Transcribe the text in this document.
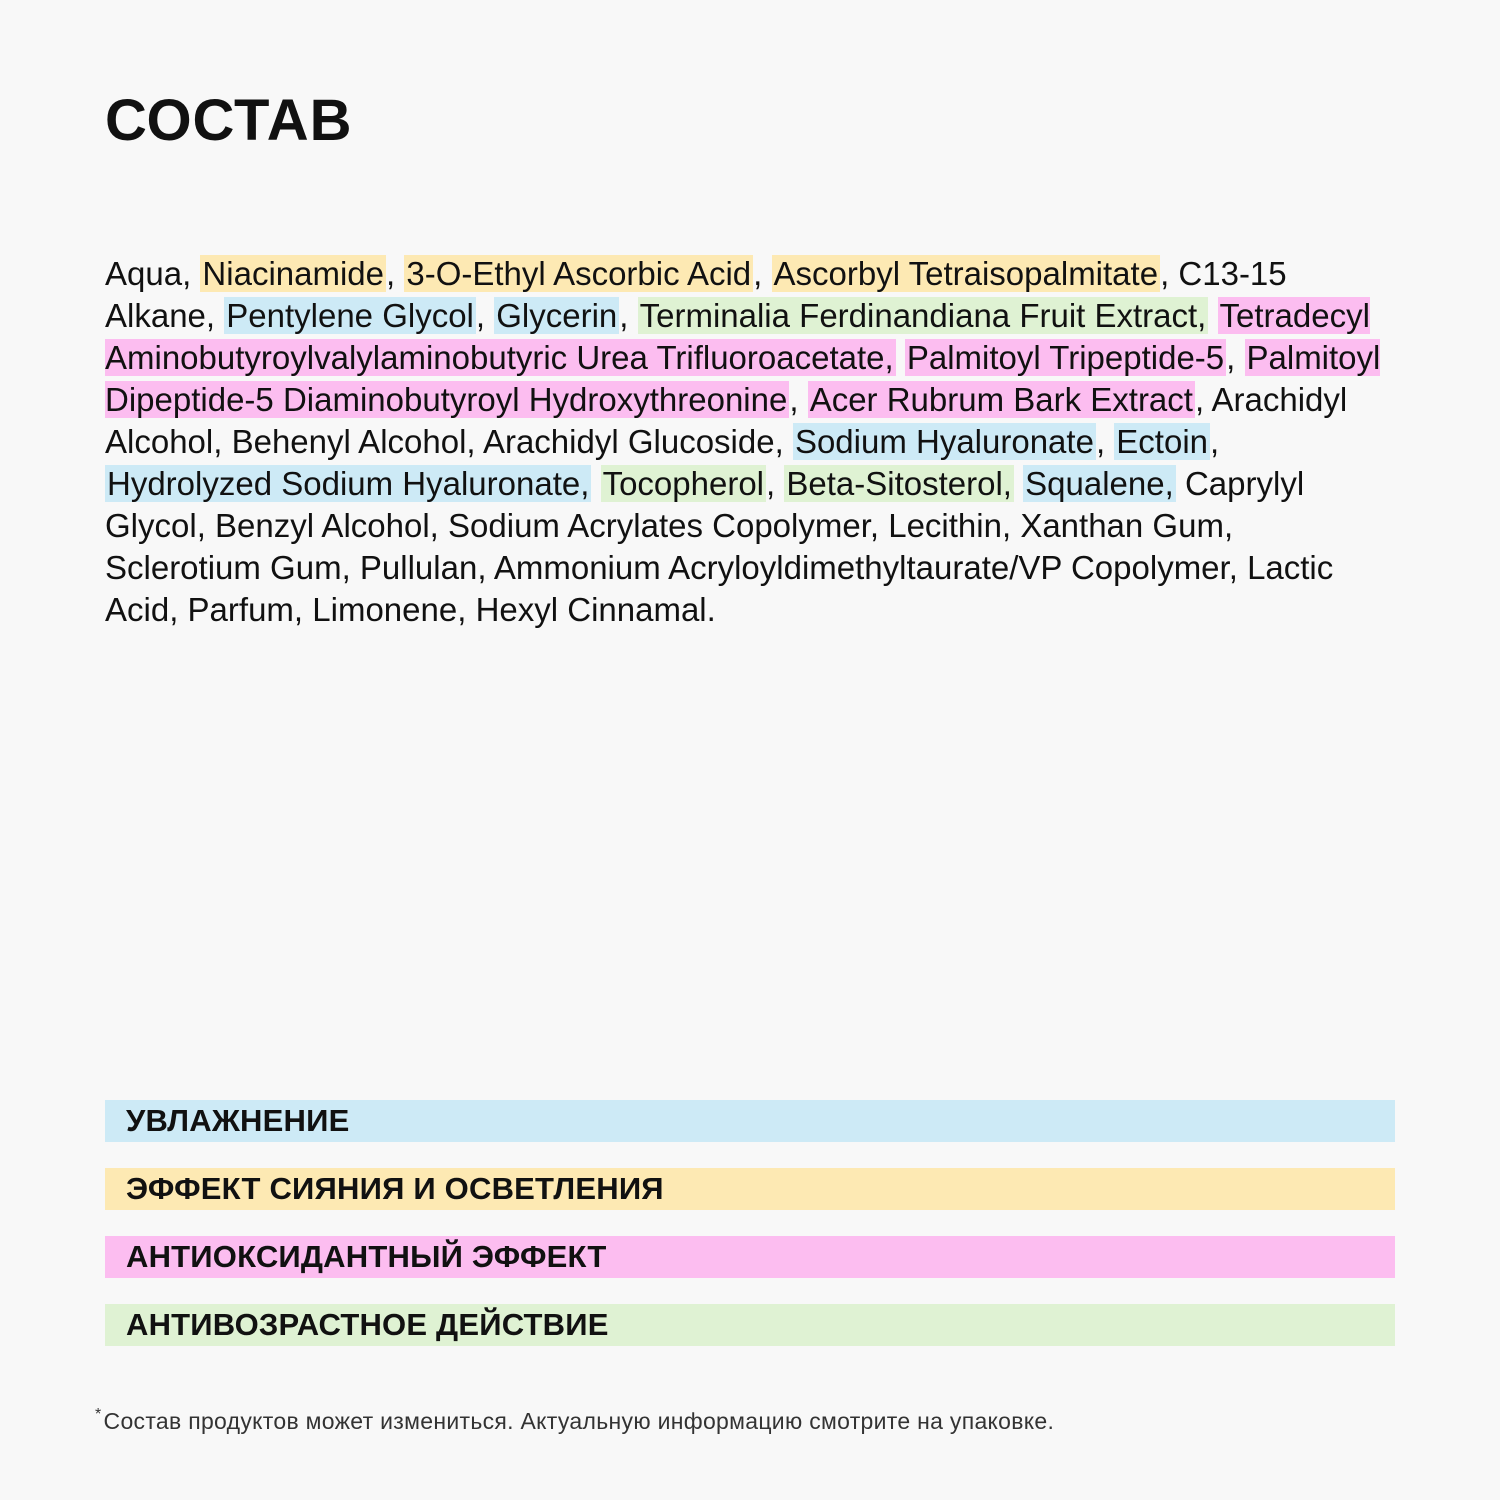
СОСТАВ

Aqua, Niacinamide, 3-O-Ethyl Ascorbic Acid, Ascorbyl Tetraisopalmitate, C13-15 Alkane, Pentylene Glycol, Glycerin, Terminalia Ferdinandiana Fruit Extract, Tetradecyl Aminobutyroylvalylaminobutyric Urea Trifluoroacetate, Palmitoyl Tripeptide-5, Palmitoyl Dipeptide-5 Diaminobutyroyl Hydroxythreonine, Acer Rubrum Bark Extract, Arachidyl Alcohol, Behenyl Alcohol, Arachidyl Glucoside, Sodium Hyaluronate, Ectoin, Hydrolyzed Sodium Hyaluronate, Tocopherol, Beta-Sitosterol, Squalene, Caprylyl Glycol, Benzyl Alcohol, Sodium Acrylates Copolymer, Lecithin, Xanthan Gum, Sclerotium Gum, Pullulan, Ammonium Acryloyldimethyltaurate/VP Copolymer, Lactic Acid, Parfum, Limonene, Hexyl Cinnamal.

УВЛАЖНЕНИЕ
ЭФФЕКТ СИЯНИЯ И ОСВЕТЛЕНИЯ
АНТИОКСИДАНТНЫЙ ЭФФЕКТ
АНТИВОЗРАСТНОЕ ДЕЙСТВИЕ
*Состав продуктов может измениться. Актуальную информацию смотрите на упаковке.
